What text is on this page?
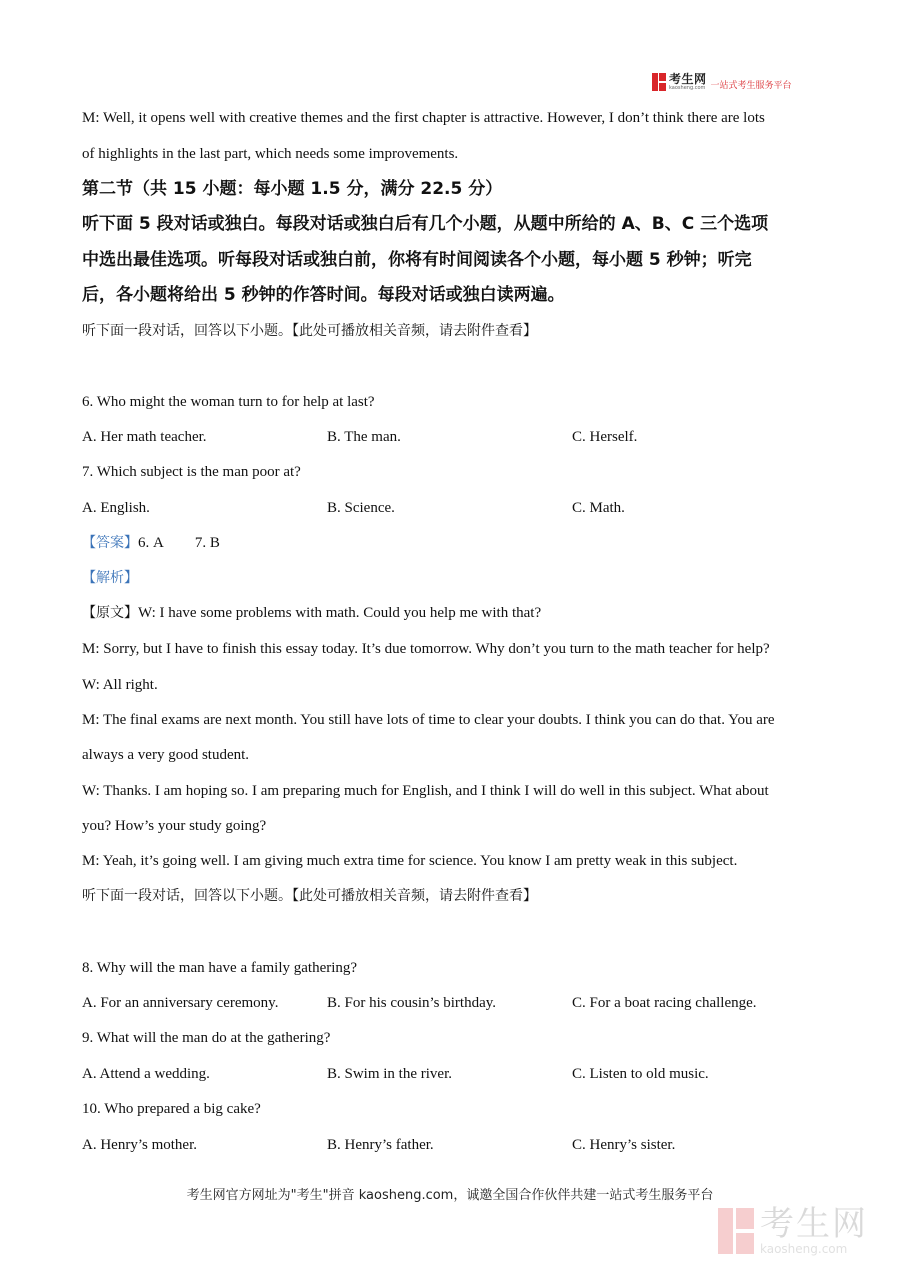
考生网
kaosheng.com 一站式考生服务平台
M: Well, it opens well with creative themes and the first chapter is attractive. However, I don’t think there are lots
of highlights in the last part, which needs some improvements.
第二节（共 15 小题：每小题 1.5 分，满分 22.5 分）
听下面 5 段对话或独白。每段对话或独白后有几个小题，从题中所给的 A、B、C 三个选项
中选出最佳选项。听每段对话或独白前，你将有时间阅读各个小题，每小题 5 秒钟；听完
后，各小题将给出 5 秒钟的作答时间。每段对话或独白读两遍。
听下面一段对话，回答以下小题。【此处可播放相关音频，请去附件查看】
6. Who might the woman turn to for help at last?
A. Her math teacher.	B. The man.	C. Herself.
7. Which subject is the man poor at?
A. English.	B. Science.	C. Math.
【答案】6. A 7. B
【解析】
【原文】W: I have some problems with math. Could you help me with that?
M: Sorry, but I have to finish this essay today. It’s due tomorrow. Why don’t you turn to the math teacher for help?
W: All right.
M: The final exams are next month. You still have lots of time to clear your doubts. I think you can do that. You are
always a very good student.
W: Thanks. I am hoping so. I am preparing much for English, and I think I will do well in this subject. What about
you? How’s your study going?
M: Yeah, it’s going well. I am giving much extra time for science. You know I am pretty weak in this subject.
听下面一段对话，回答以下小题。【此处可播放相关音频，请去附件查看】
8. Why will the man have a family gathering?
A. For an anniversary ceremony.	B. For his cousin’s birthday.	C. For a boat racing challenge.
9. What will the man do at the gathering?
A. Attend a wedding.	B. Swim in the river.	C. Listen to old music.
10. Who prepared a big cake?
A. Henry’s mother.	B. Henry’s father.	C. Henry’s sister.
考生网官方网址为"考生"拼音 kaosheng.com，诚邀全国合作伙伴共建一站式考生服务平台
考生网
kaosheng.com
